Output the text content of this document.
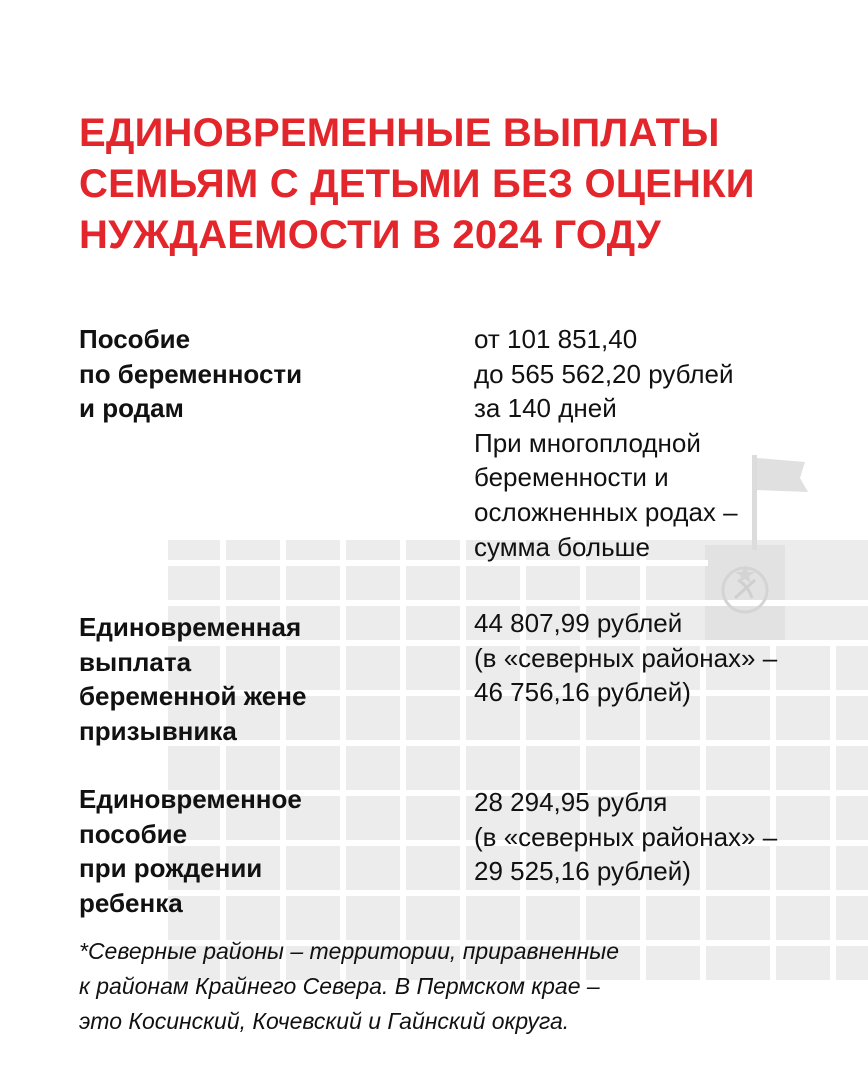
ЕДИНОВРЕМЕННЫЕ ВЫПЛАТЫ
СЕМЬЯМ С ДЕТЬМИ БЕЗ ОЦЕНКИ
НУЖДАЕМОСТИ В 2024 ГОДУ
Пособие
по беременности
и родам
от 101 851,40
до 565 562,20 рублей
за 140 дней
При многоплодной
беременности и
осложненных родах –
сумма больше
Единовременная
выплата
беременной жене
призывника
44 807,99 рублей
(в «северных районах» –
46 756,16 рублей)
Единовременное
пособие
при рождении
ребенка
28 294,95 рубля
(в «северных районах» –
29 525,16 рублей)
*Северные районы – территории, приравненные
к районам Крайнего Севера. В Пермском крае –
это Косинский, Кочевский и Гайнский округа.
